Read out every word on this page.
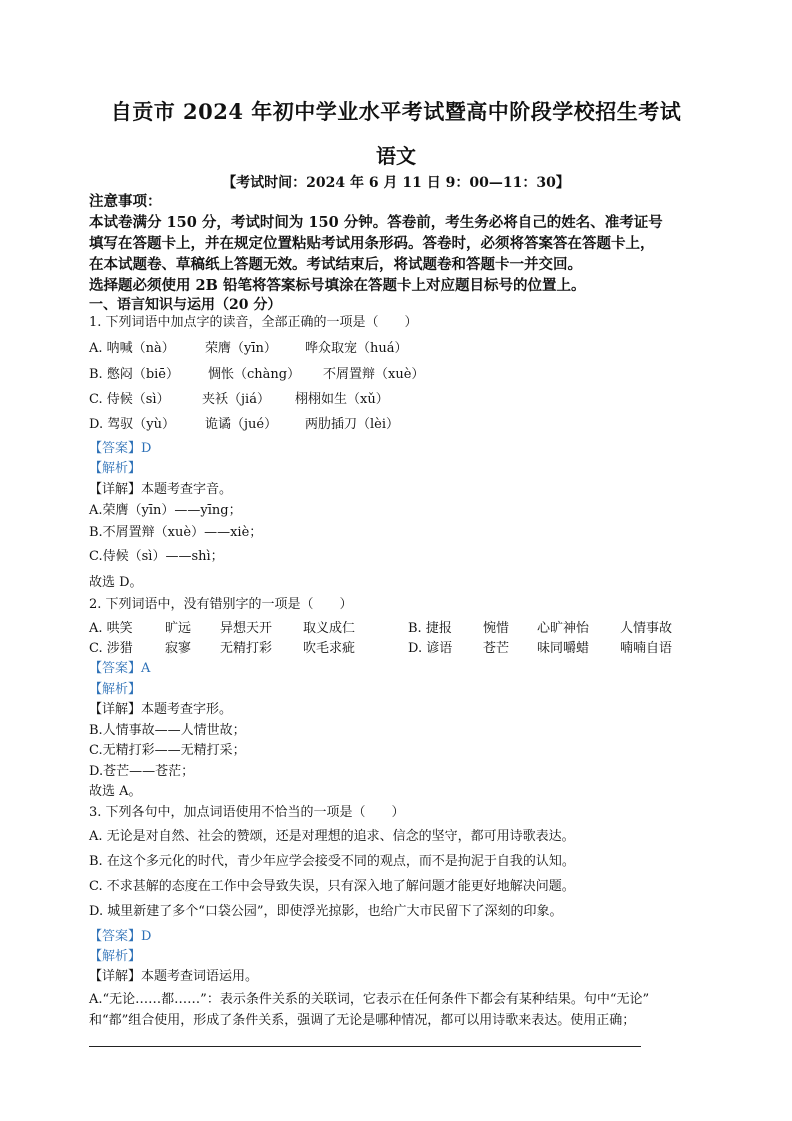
自贡市 2024 年初中学业水平考试暨高中阶段学校招生考试
语文
【考试时间：2024 年 6 月 11 日 9：00—11：30】
注意事项：
本试卷满分 150 分，考试时间为 150 分钟。答卷前，考生务必将自己的姓名、准考证号
填写在答题卡上，并在规定位置粘贴考试用条形码。答卷时，必须将答案答在答题卡上，
在本试题卷、草稿纸上答题无效。考试结束后，将试题卷和答题卡一并交回。
选择题必须使用 2B 铅笔将答案标号填涂在答题卡上对应题目标号的位置上。
一、语言知识与运用（20 分）
1. 下列词语中加点字的读音，全部正确的一项是（　　）
A. 呐喊（nà） 荣膺（yīn） 哗众取宠（huá）
B. 憋闷（biē） 惆怅（chàng） 不屑置辩（xuè）
C. 侍候（sì） 夹袄（jiá） 栩栩如生（xǔ）
D. 驾驭（yù） 诡谲（jué） 两肋插刀（lèi）
【答案】D
【解析】
【详解】本题考查字音。
A.荣膺（yīn）——yīng；
B.不屑置辩（xuè）——xiè；
C.侍候（sì）——shì；
故选 D。
2. 下列词语中，没有错别字的一项是（　　）
A. 哄笑 旷远 异想天开 取义成仁	B. 捷报 惋惜 心旷神怡 人情事故
C. 涉猎 寂寥 无精打彩 吹毛求疵	D. 谚语 苍芒 味同嚼蜡 喃喃自语
【答案】A
【解析】
【详解】本题考查字形。
B.人情事故——人情世故；
C.无精打彩——无精打采；
D.苍芒——苍茫；
故选 A。
3. 下列各句中，加点词语使用不恰当的一项是（　　）
A. 无论是对自然、社会的赞颂，还是对理想的追求、信念的坚守，都可用诗歌表达。
B. 在这个多元化的时代，青少年应学会接受不同的观点，而不是拘泥于自我的认知。
C. 不求甚解的态度在工作中会导致失误，只有深入地了解问题才能更好地解决问题。
D. 城里新建了多个“口袋公园”，即使浮光掠影，也给广大市民留下了深刻的印象。
【答案】D
【解析】
【详解】本题考查词语运用。
A.“无论……都……”：表示条件关系的关联词，它表示在任何条件下都会有某种结果。句中“无论”
和“都”组合使用，形成了条件关系，强调了无论是哪种情况，都可以用诗歌来表达。使用正确；
